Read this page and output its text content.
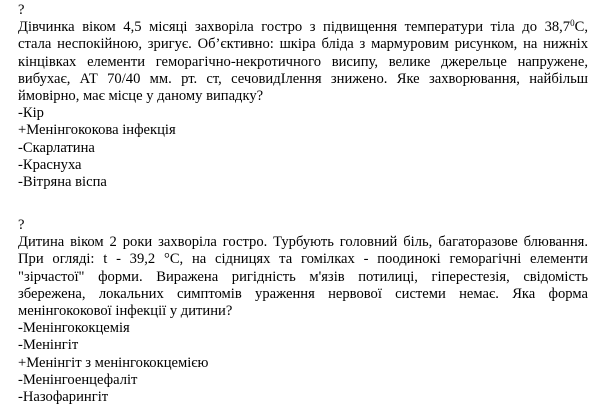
?
Дівчинка віком 4,5 місяці захворіла гостро з підвищення температури тіла до 38,7$^0$С,
стала неспокійною, зригує. Об’єктивно: шкіра бліда з мармуровим рисунком, на нижніх
кінцівках елементи геморагічно-некротичного висипу, велике джерельце напружене,
вибухає, АТ 70/40 мм. рт. ст, сечовидІлення знижено. Яке захворювання, найбільш
ймовірно, має місце у даному випадку?
-Кір
+Менінгококова інфекція
-Скарлатина
-Краснуха
-Вітряна віспа
?
Дитина віком 2 роки захворіла гостро. Турбують головний біль, багаторазове блювання.
При огляді: t - 39,2 °С, на сідницях та гомілках - поодинокі геморагічні елементи
"зірчастої" форми. Виражена ригідність м'язів потилиці, гіперестезія, свідомість
збережена, локальних симптомів ураження нервової системи немає. Яка форма
менінгококової інфекції у дитини?
-Менінгококцемія
-Менінгіт
+Менінгіт з менінгококцемією
-Менінгоенцефаліт
-Назофарингіт
